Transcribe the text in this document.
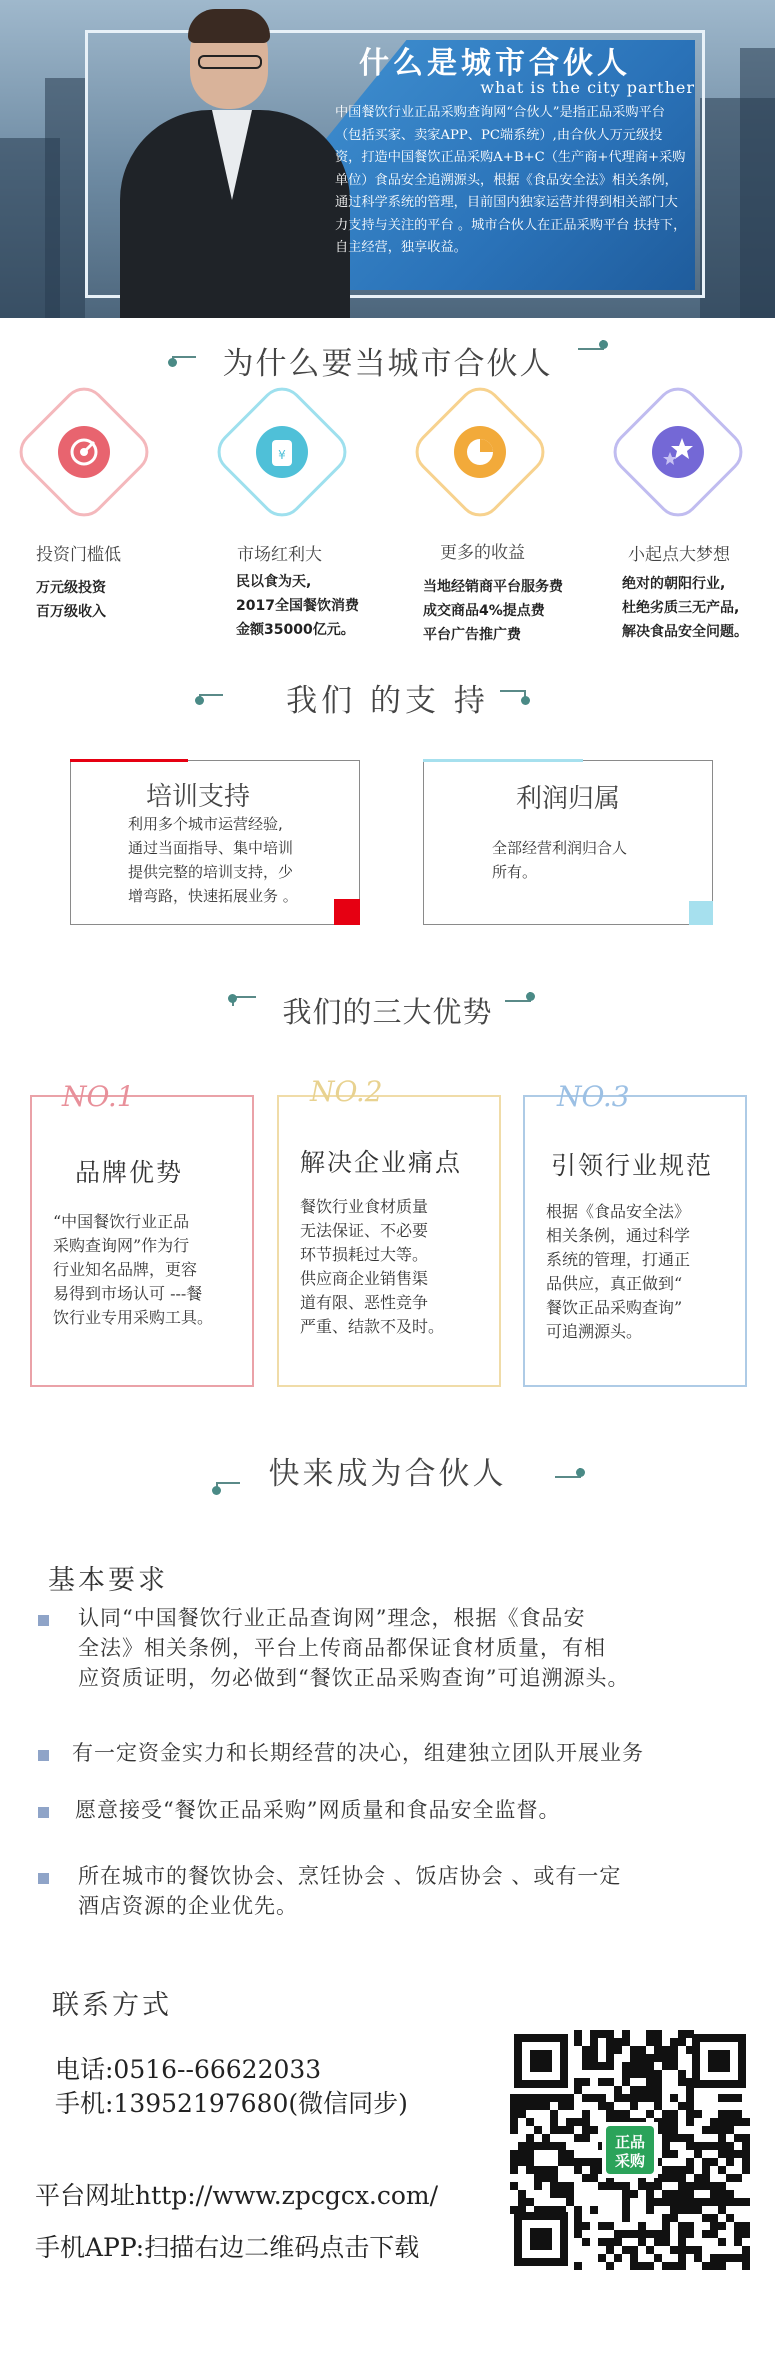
什么是城市合伙人
what is the city parther
中国餐饮行业正品采购查询网“合伙人”是指正品采购平台（包括买家、卖家APP、PC端系统）,由合伙人万元级投资，打造中国餐饮正品采购A+B+C（生产商+代理商+采购单位）食品安全追溯源头，根据《食品安全法》相关条例，通过科学系统的管理，目前国内独家运营并得到相关部门大力支持与关注的平台 。城市合伙人在正品采购平台 扶持下，自主经营，独享收益。
为什么要当城市合伙人
¥
投资门槛低	市场红利大	更多的收益	小起点大梦想
万元级投资
百万级收入
民以食为天,
2017全国餐饮消费
金额35000亿元。
当地经销商平台服务费
成交商品4%提点费
平台广告推广费
绝对的朝阳行业,
杜绝劣质三无产品,
解决食品安全问题。
我们 的支 持
培训支持
利用多个城市运营经验,
通过当面指导、集中培训
提供完整的培训支持，少
增弯路，快速拓展业务 。
利润归属
全部经营利润归合人
所有。
我们的三大优势
NO.1
品牌优势
“中国餐饮行业正品
采购查询网”作为行
行业知名品牌，更容
易得到市场认可 ---餐
饮行业专用采购工具。
NO.2
解决企业痛点
餐饮行业食材质量
无法保证、不必要
环节损耗过大等。
供应商企业销售渠
道有限、恶性竞争
严重、结款不及时。
NO.3
引领行业规范
根据《食品安全法》
相关条例，通过科学
系统的管理，打通正
品供应，真正做到“
餐饮正品采购查询”
可追溯源头。
快来成为合伙人
基本要求
认同“中国餐饮行业正品查询网”理念，根据《食品安
全法》相关条例，平台上传商品都保证食材质量，有相
应资质证明，勿必做到“餐饮正品采购查询”可追溯源头。
有一定资金实力和长期经营的决心，组建独立团队开展业务
愿意接受“餐饮正品采购”网质量和食品安全监督。
所在城市的餐饮协会、烹饪协会 、饭店协会 、或有一定
酒店资源的企业优先。
联系方式
电话:0516--66622033
手机:13952197680(微信同步)
平台网址http://www.zpcgcx.com/
手机APP:扫描右边二维码点击下载
正品
采购
